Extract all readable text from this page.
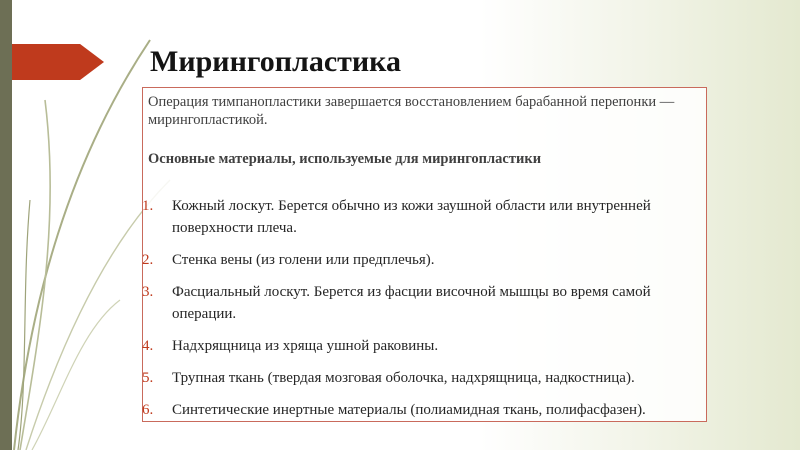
Мирингопластика
Операция тимпанопластики завершается восстановлением барабанной перепонки — мирингопластикой.
Основные материалы, используемые для мирингопластики
1. Кожный лоскут. Берется обычно из кожи заушной области или внутренней поверхности плеча.
2. Стенка вены (из голени или предплечья).
3. Фасциальный лоскут. Берется из фасции височной мышцы во время самой операции.
4. Надхрящница из хряща ушной раковины.
5. Трупная ткань (твердая мозговая оболочка, надхрящница, надкостница).
6. Синтетические инертные материалы (полиамидная ткань, полифасфазен).
